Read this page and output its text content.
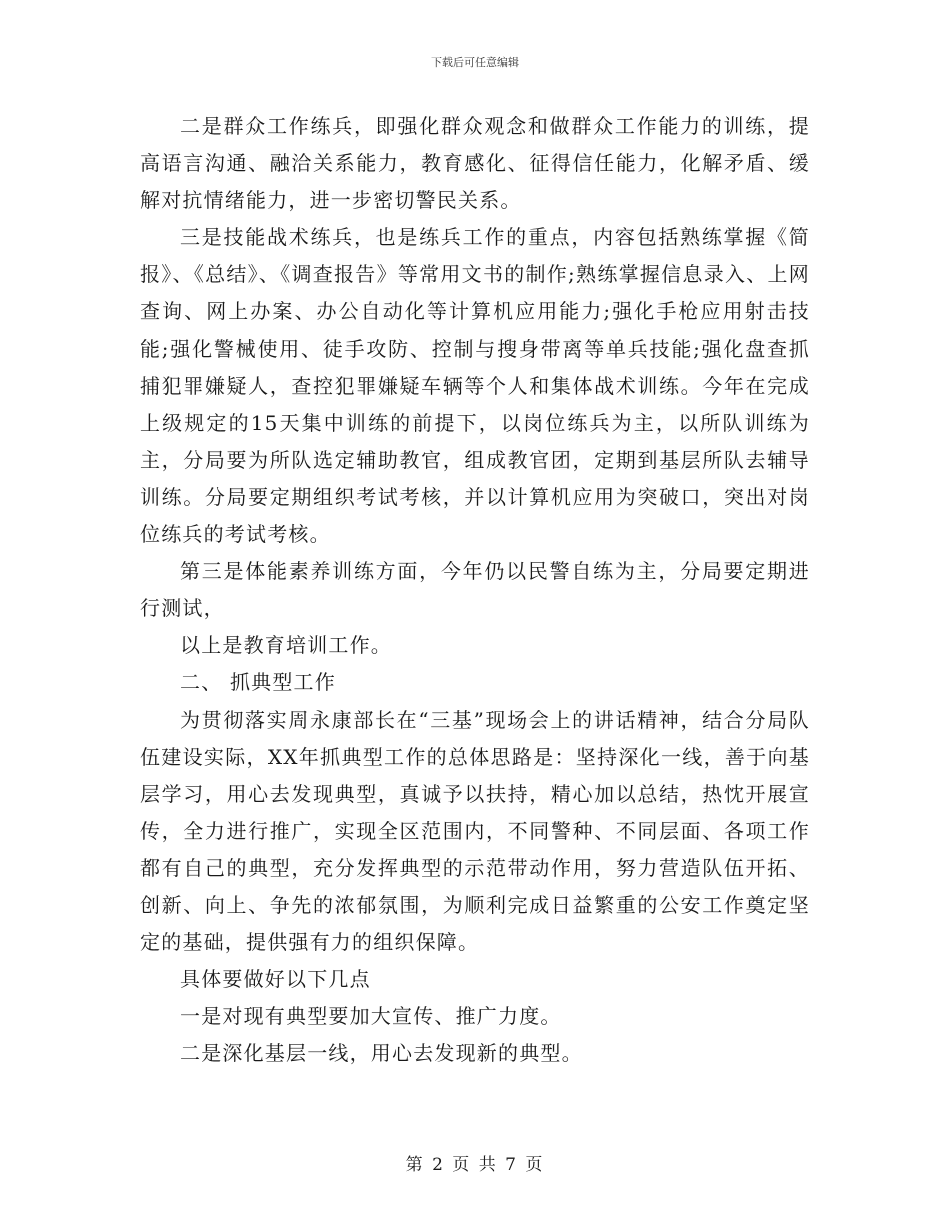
下载后可任意编辑

二是群众工作练兵，即强化群众观念和做群众工作能力的训练，提高语言沟通、融洽关系能力，教育感化、征得信任能力，化解矛盾、缓解对抗情绪能力，进一步密切警民关系。

三是技能战术练兵，也是练兵工作的重点，内容包括熟练掌握《简报》、《总结》、《调查报告》等常用文书的制作;熟练掌握信息录入、上网查询、网上办案、办公自动化等计算机应用能力;强化手枪应用射击技能;强化警械使用、徒手攻防、控制与搜身带离等单兵技能;强化盘查抓捕犯罪嫌疑人，查控犯罪嫌疑车辆等个人和集体战术训练。今年在完成上级规定的15天集中训练的前提下，以岗位练兵为主，以所队训练为主，分局要为所队选定辅助教官，组成教官团，定期到基层所队去辅导训练。分局要定期组织考试考核，并以计算机应用为突破口，突出对岗位练兵的考试考核。

第三是体能素养训练方面，今年仍以民警自练为主，分局要定期进行测试，

以上是教育培训工作。

二、 抓典型工作

为贯彻落实周永康部长在“三基”现场会上的讲话精神，结合分局队伍建设实际，XX年抓典型工作的总体思路是：坚持深化一线，善于向基层学习，用心去发现典型，真诚予以扶持，精心加以总结，热忱开展宣传，全力进行推广，实现全区范围内，不同警种、不同层面、各项工作都有自己的典型，充分发挥典型的示范带动作用，努力营造队伍开拓、创新、向上、争先的浓郁氛围，为顺利完成日益繁重的公安工作奠定坚定的基础，提供强有力的组织保障。

具体要做好以下几点

一是对现有典型要加大宣传、推广力度。

二是深化基层一线，用心去发现新的典型。

第 2 页 共 7 页
